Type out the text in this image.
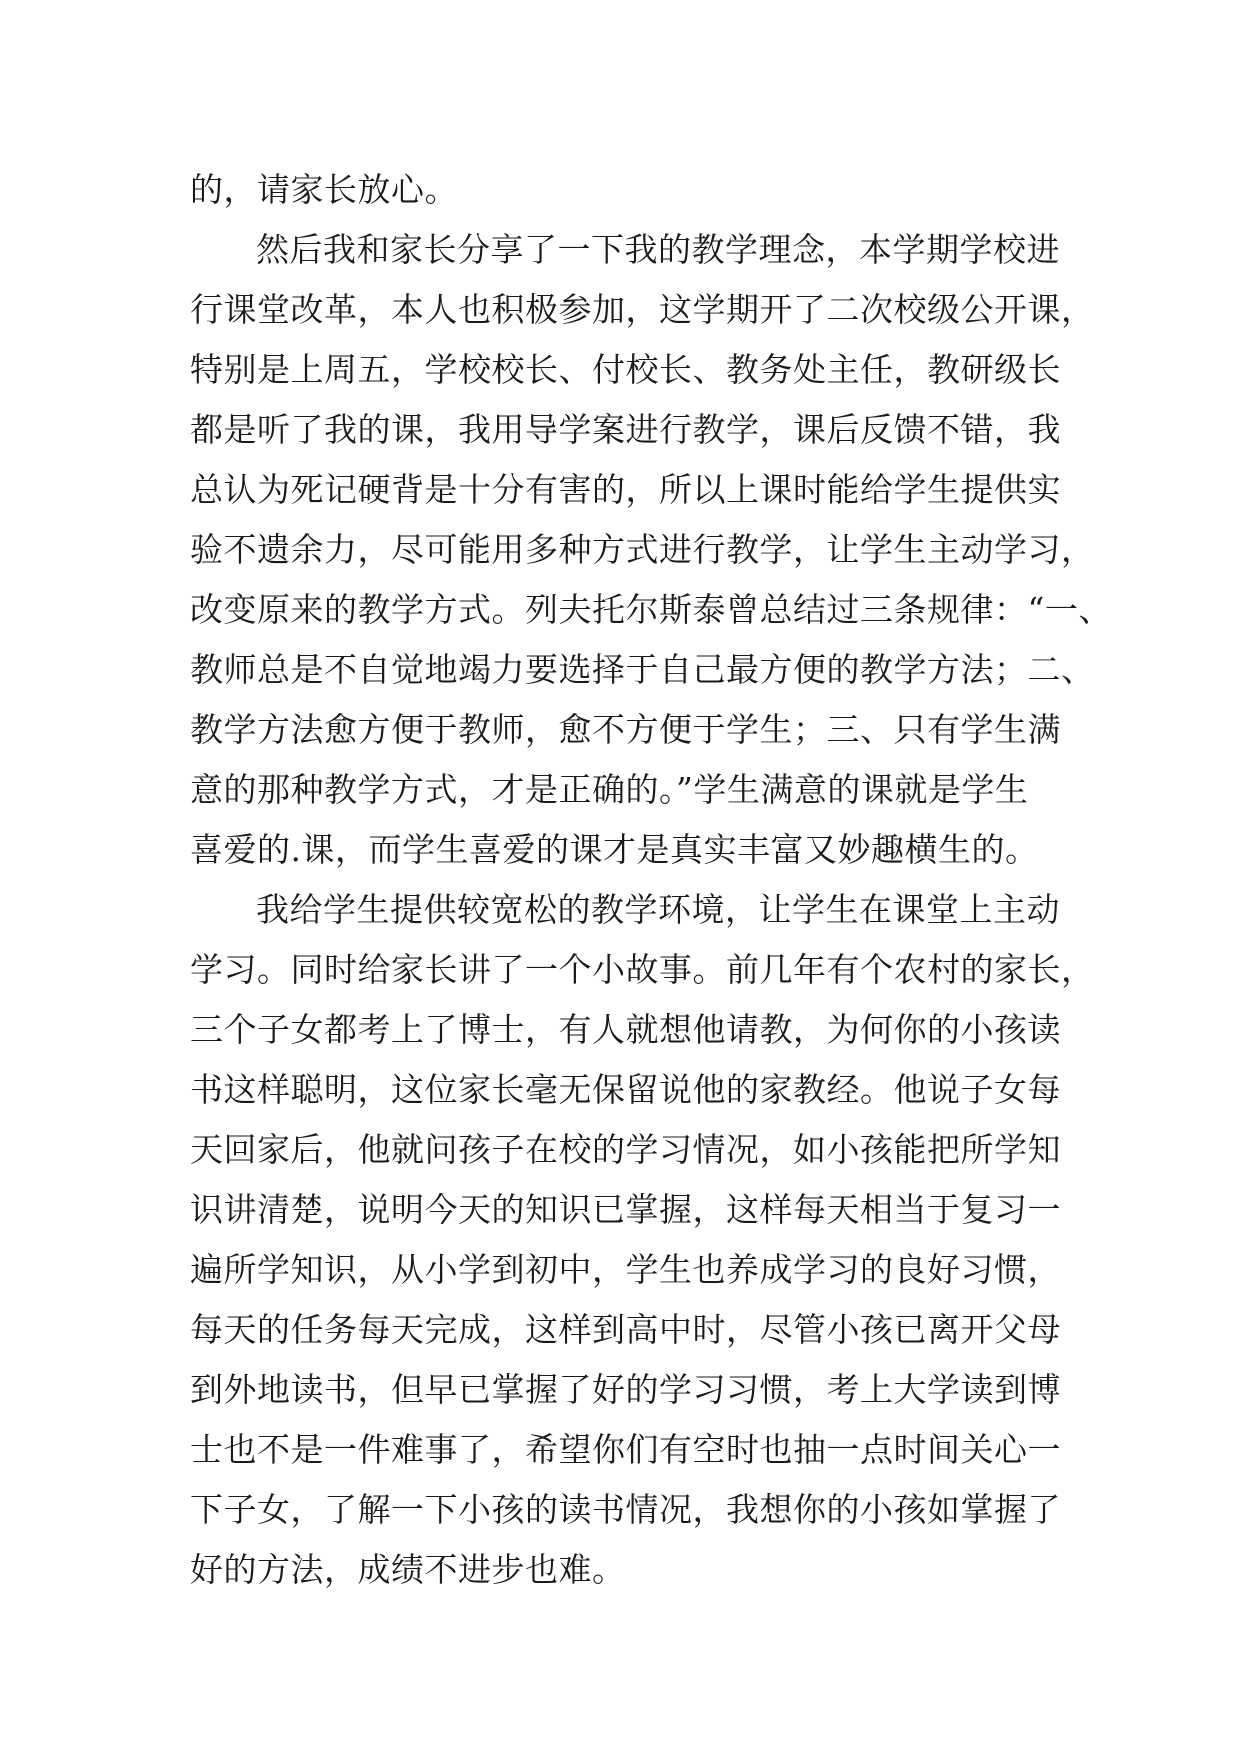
的，请家长放心。
然后我和家长分享了一下我的教学理念，本学期学校进
行课堂改革，本人也积极参加，这学期开了二次校级公开课，
特别是上周五，学校校长、付校长、教务处主任，教研级长
都是听了我的课，我用导学案进行教学，课后反馈不错，我
总认为死记硬背是十分有害的，所以上课时能给学生提供实
验不遗余力，尽可能用多种方式进行教学，让学生主动学习，
改变原来的教学方式。列夫托尔斯泰曾总结过三条规律：“一、
教师总是不自觉地竭力要选择于自己最方便的教学方法；二、
教学方法愈方便于教师，愈不方便于学生；三、只有学生满
意的那种教学方式，才是正确的。”学生满意的课就是学生
喜爱的.课，而学生喜爱的课才是真实丰富又妙趣横生的。
我给学生提供较宽松的教学环境，让学生在课堂上主动
学习。同时给家长讲了一个小故事。前几年有个农村的家长，
三个子女都考上了博士，有人就想他请教，为何你的小孩读
书这样聪明，这位家长毫无保留说他的家教经。他说子女每
天回家后，他就问孩子在校的学习情况，如小孩能把所学知
识讲清楚，说明今天的知识已掌握，这样每天相当于复习一
遍所学知识，从小学到初中，学生也养成学习的良好习惯，
每天的任务每天完成，这样到高中时，尽管小孩已离开父母
到外地读书，但早已掌握了好的学习习惯，考上大学读到博
士也不是一件难事了，希望你们有空时也抽一点时间关心一
下子女，了解一下小孩的读书情况，我想你的小孩如掌握了
好的方法，成绩不进步也难。
